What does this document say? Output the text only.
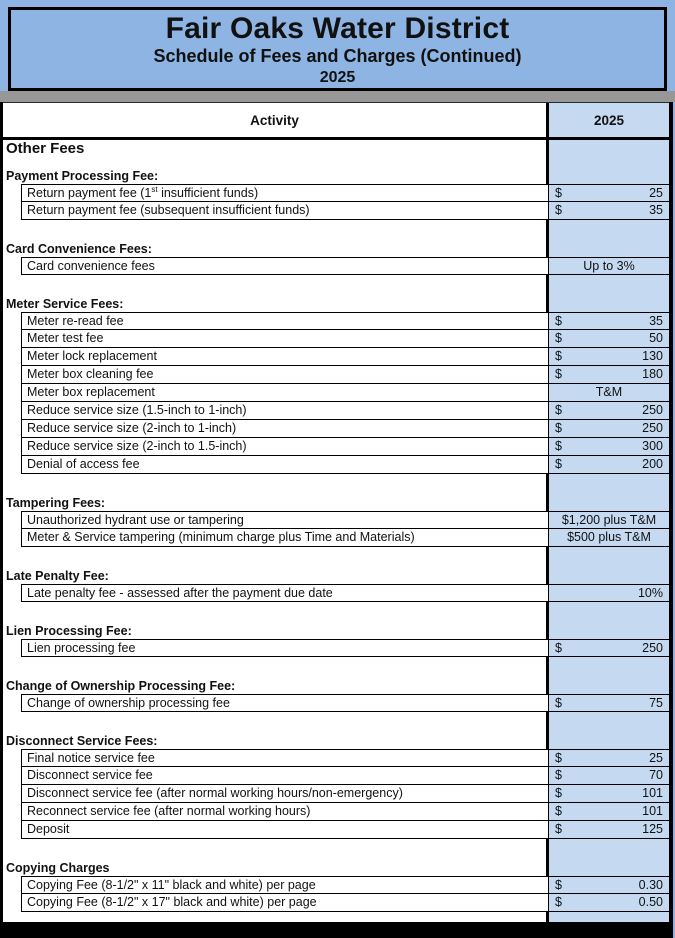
Fair Oaks Water District
Schedule of Fees and Charges (Continued)
2025
Activity	2025
Other Fees
Payment Processing Fee:
Return payment fee (1st insufficient funds)	$	25
Return payment fee (subsequent insufficient funds)	$	35
Card Convenience Fees:
Card convenience fees	Up to 3%
Meter Service Fees:
Meter re-read fee	$	35
Meter test fee	$	50
Meter lock replacement	$	130
Meter box cleaning fee	$	180
Meter box replacement	T&M
Reduce service size (1.5-inch to 1-inch)	$	250
Reduce service size (2-inch to 1-inch)	$	250
Reduce service size (2-inch to 1.5-inch)	$	300
Denial of access fee	$	200
Tampering Fees:
Unauthorized hydrant use or tampering	$1,200 plus T&M
Meter & Service tampering (minimum charge plus Time and Materials)	$500 plus T&M
Late Penalty Fee:
Late penalty fee - assessed after the payment due date	10%
Lien Processing Fee:
Lien processing fee	$	250
Change of Ownership Processing Fee:
Change of ownership processing fee	$	75
Disconnect Service Fees:
Final notice service fee	$	25
Disconnect service fee	$	70
Disconnect service fee (after normal working hours/non-emergency)	$	101
Reconnect service fee (after normal working hours)	$	101
Deposit	$	125
Copying Charges
Copying Fee (8-1/2" x 11" black and white) per page	$	0.30
Copying Fee (8-1/2" x 17" black and white) per page	$	0.50
